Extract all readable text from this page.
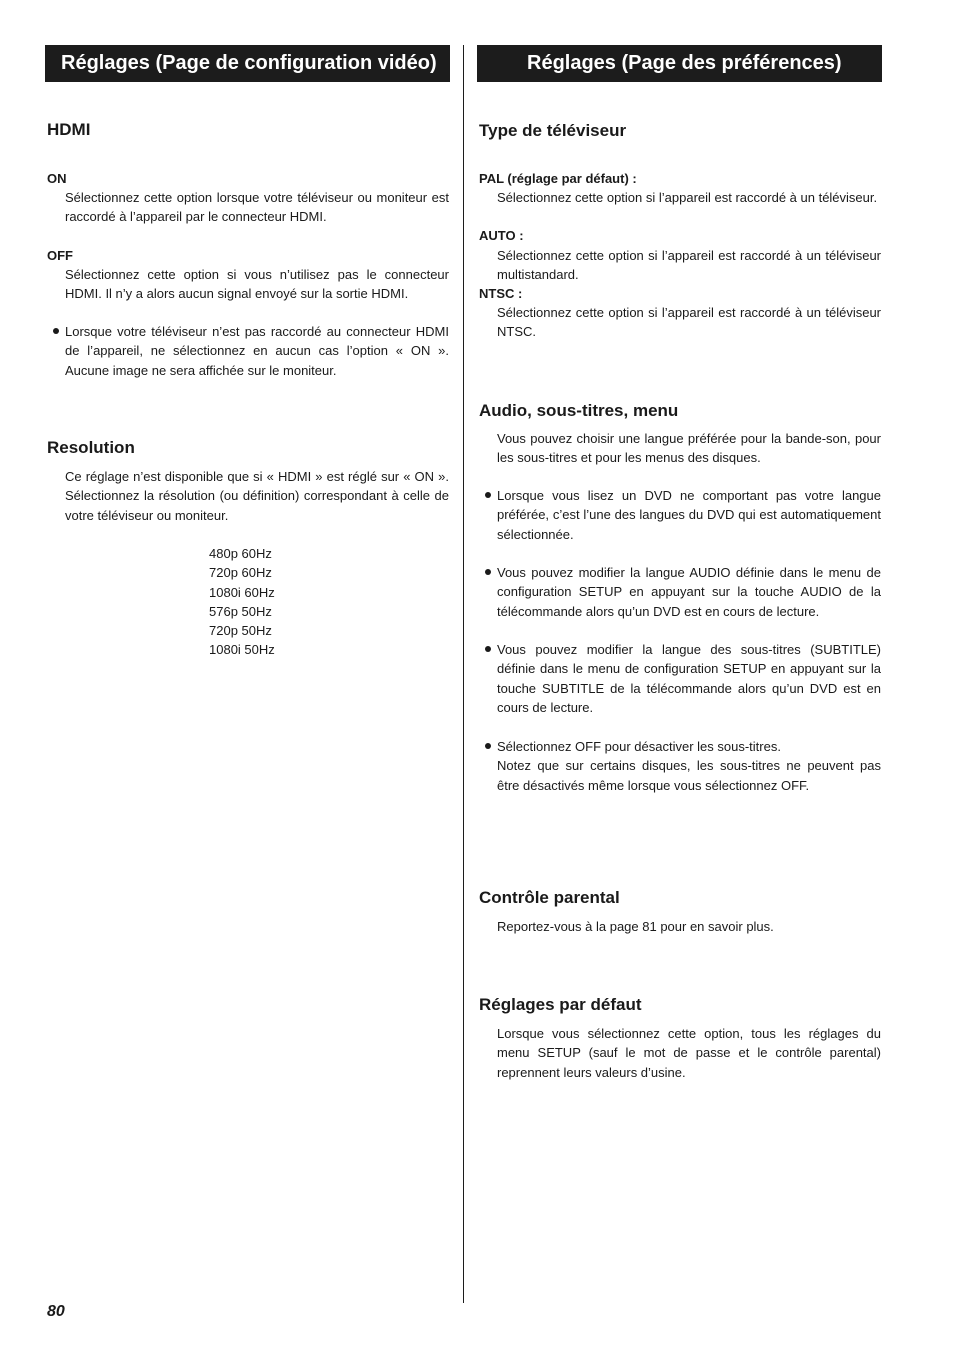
Réglages (Page de configuration vidéo)
HDMI
ON
Sélectionnez cette option lorsque votre téléviseur ou moniteur est raccordé à l’appareil par le connecteur HDMI.
OFF
Sélectionnez cette option si vous n’utilisez pas le connecteur HDMI. Il n’y a alors aucun signal envoyé sur la sortie HDMI.
Lorsque votre téléviseur n’est pas raccordé au connecteur HDMI de l’appareil, ne sélectionnez en aucun cas l’option « ON ». Aucune image ne sera affichée sur le moniteur.
Resolution
Ce réglage n’est disponible que si « HDMI » est réglé sur « ON ». Sélectionnez la résolution (ou définition) correspondant à celle de votre téléviseur ou moniteur.
480p 60Hz
720p 60Hz
1080i 60Hz
576p 50Hz
720p 50Hz
1080i 50Hz
Réglages (Page des préférences)
Type de téléviseur
PAL (réglage par défaut) :
Sélectionnez cette option si l’appareil est raccordé à un téléviseur.
AUTO :
Sélectionnez cette option si l’appareil est raccordé à un téléviseur multistandard.
NTSC :
Sélectionnez cette option si l’appareil est raccordé à un téléviseur NTSC.
Audio, sous-titres, menu
Vous pouvez choisir une langue préférée pour la bande-son, pour les sous-titres et pour les menus des disques.
Lorsque vous lisez un DVD ne comportant pas votre langue préférée, c’est l’une des langues du DVD qui est automatiquement sélectionnée.
Vous pouvez modifier la langue AUDIO définie dans le menu de configuration SETUP en appuyant sur la touche AUDIO de la télécommande alors qu’un DVD est en cours de lecture.
Vous pouvez modifier la langue des sous-titres (SUBTITLE) définie dans le menu de configuration SETUP en appuyant sur la touche SUBTITLE de la télécommande alors qu’un DVD est en cours de lecture.
Sélectionnez OFF pour désactiver les sous-titres.
Notez que sur certains disques, les sous-titres ne peuvent pas être désactivés même lorsque vous sélectionnez OFF.
Contrôle parental
Reportez-vous à la page 81 pour en savoir plus.
Réglages par défaut
Lorsque vous sélectionnez cette option, tous les réglages du menu SETUP (sauf le mot de passe et le contrôle parental) reprennent leurs valeurs d’usine.
80
